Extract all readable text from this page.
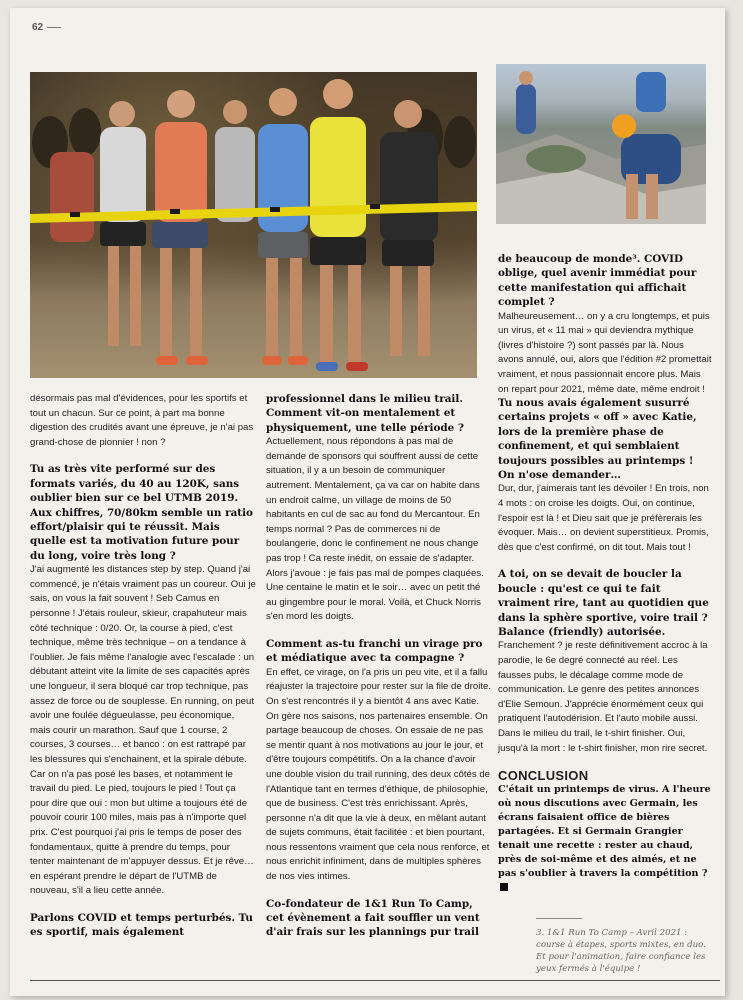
62

désormais pas mal d'évidences, pour les sportifs et tout un chacun. Sur ce point, à part ma bonne digestion des crudités avant une épreuve, je n'ai pas grand-chose de pionnier ! non ?

Tu as très vite performé sur des formats variés, du 40 au 120K, sans oublier bien sur ce bel UTMB 2019. Aux chiffres, 70/80km semble un ratio effort/plaisir qui te réussit. Mais quelle est ta motivation future pour du long, voire très long ?

J'ai augmenté les distances step by step. Quand j'ai commencé, je n'étais vraiment pas un coureur. Oui je sais, on vous la fait souvent ! Seb Camus en personne ! J'étais rouleur, skieur, crapahuteur mais côté technique : 0/20. Or, la course à pied, c'est technique, même très technique – on a tendance à l'oublier. Je fais même l'analogie avec l'escalade : un débutant atteint vite la limite de ses capacités après une longueur, il sera bloqué car trop technique, pas assez de force ou de souplesse. En running, on peut avoir une foulée dégueulasse, peu économique, mais courir un marathon. Sauf que 1 course, 2 courses, 3 courses… et banco : on est rattrapé par les blessures qui s'enchainent, et la spirale débute. Car on n'a pas posé les bases, et notamment le travail du pied. Le pied, toujours le pied ! Tout ça pour dire que oui : mon but ultime a toujours été de pouvoir courir 100 miles, mais pas à n'importe quel prix. C'est pourquoi j'ai pris le temps de poser des fondamentaux, quitte à prendre du temps, pour tenter maintenant de m'appuyer dessus. Et je rêve… en espérant prendre le départ de l'UTMB de nouveau, s'il a lieu cette année.

Parlons COVID et temps perturbés. Tu es sportif, mais également
professionnel dans le milieu trail. Comment vit-on mentalement et physiquement, une telle période ?

Actuellement, nous répondons à pas mal de demande de sponsors qui souffrent aussi de cette situation, il y a un besoin de communiquer autrement. Mentalement, ça va car on habite dans un endroit calme, un village de moins de 50 habitants en cul de sac au fond du Mercantour. En temps normal ? Pas de commerces ni de boulangerie, donc le confinement ne nous change pas trop ! Ca reste inédit, on essaie de s'adapter. Alors j'avoue : je fais pas mal de pompes claquées. Une centaine le matin et le soir… avec un petit thé au gingembre pour le moral. Voilà, et Chuck Norris s'en mord les doigts.

Comment as-tu franchi un virage pro et médiatique avec ta compagne ?

En effet, ce virage, on l'a pris un peu vite, et il a fallu réajuster la trajectoire pour rester sur la file de droite. On s'est rencontrés il y a bientôt 4 ans avec Katie. On gère nos saisons, nos partenaires ensemble. On partage beaucoup de choses. On essaie de ne pas se mentir quant à nos motivations au jour le jour, et d'être toujours compétitifs. On a la chance d'avoir une double vision du trail running, des deux côtés de l'Atlantique tant en termes d'éthique, de philosophie, que de business. C'est très enrichissant. Après, personne n'a dit que la vie à deux, en mêlant autant de sujets communs, était facilitée : et bien pourtant, nous ressentons vraiment que cela nous renforce, et nous enrichit infiniment, dans de multiples sphères de nos vies intimes.

Co-fondateur de 1&1 Run To Camp, cet évènement a fait souffler un vent d'air frais sur les plannings pur trail
de beaucoup de monde³. COVID oblige, quel avenir immédiat pour cette manifestation qui affichait complet ?

Malheureusement… on y a cru longtemps, et puis un virus, et « 11 mai » qui deviendra mythique (livres d'histoire ?) sont passés par là. Nous avons annulé, oui, alors que l'édition #2 promettait vraiment, et nous passionnait encore plus. Mais on repart pour 2021, même date, même endroit !

Tu nous avais également susurré certains projets « off » avec Katie, lors de la première phase de confinement, et qui semblaient toujours possibles au printemps ! On n'ose demander…

Dur, dur, j'aimerais tant les dévoiler ! En trois, non 4 mots : on croise les doigts. Oui, on continue, l'espoir est là ! et Dieu sait que je préfèrerais les évoquer. Mais… on devient superstitieux. Promis, dès que c'est confirmé, on dit tout. Mais tout !

A toi, on se devait de boucler la boucle : qu'est ce qui te fait vraiment rire, tant au quotidien que dans la sphère sportive, voire trail ? Balance (friendly) autorisée.

Franchement ? je reste définitivement accroc à la parodie, le 6e degré connecté au réel. Les fausses pubs, le décalage comme mode de communication. Le genre des petites annonces d'Elie Semoun. J'apprécie énormément ceux qui pratiquent l'autodérision. Et l'auto mobile aussi. Dans le milieu du trail, le t-shirt finisher. Oui, jusqu'à la mort : le t-shirt finisher, mon rire secret.

CONCLUSION

C'était un printemps de virus. A l'heure où nous discutions avec Germain, les écrans faisaient office de bières partagées. Et si Germain Grangier tenait une recette : rester au chaud, près de soi-même et des aimés, et ne pas s'oublier à travers la compétition ?

3. 1&1 Run To Camp – Avril 2021 : course à étapes, sports mixtes, en duo. Et pour l'animation, faire confiance les yeux fermés à l'équipe !
